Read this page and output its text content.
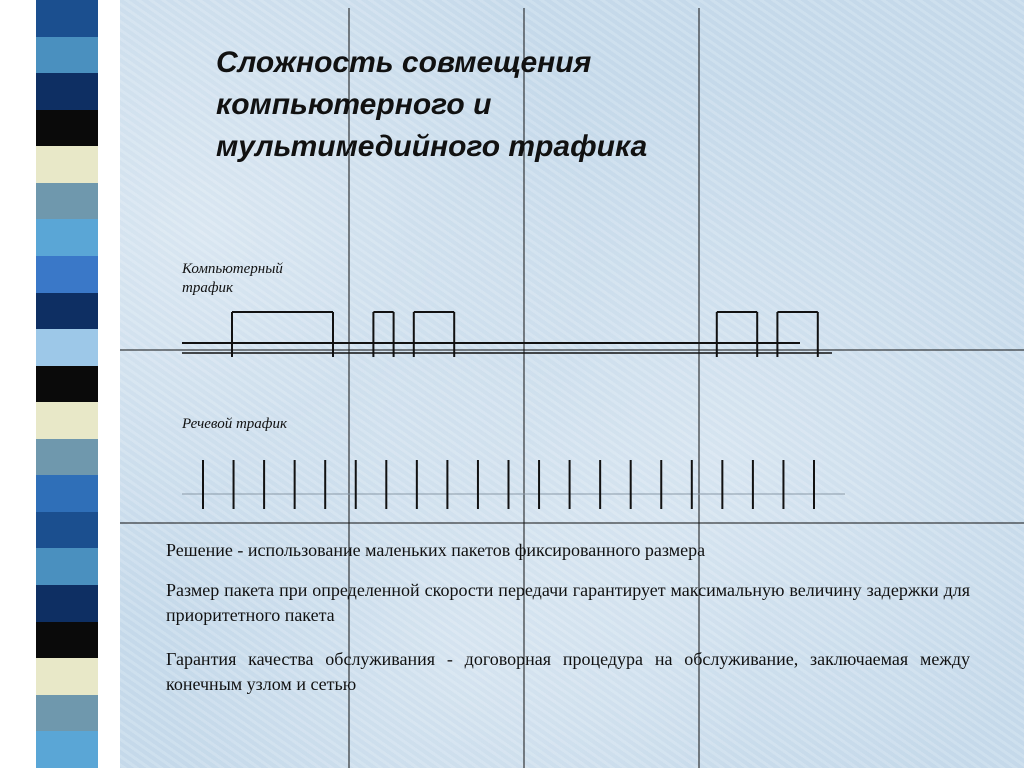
Сложность совмещения
компьютерного и
мультимедийного трафика
Компьютерный
трафик
Речевой трафик

Решение - использование маленьких пакетов фиксированного размера

Размер пакета при определенной скорости передачи гарантирует максимальную величину задержки для приоритетного пакета

Гарантия качества обслуживания - договорная процедура на обслуживание, заключаемая между конечным узлом и сетью
